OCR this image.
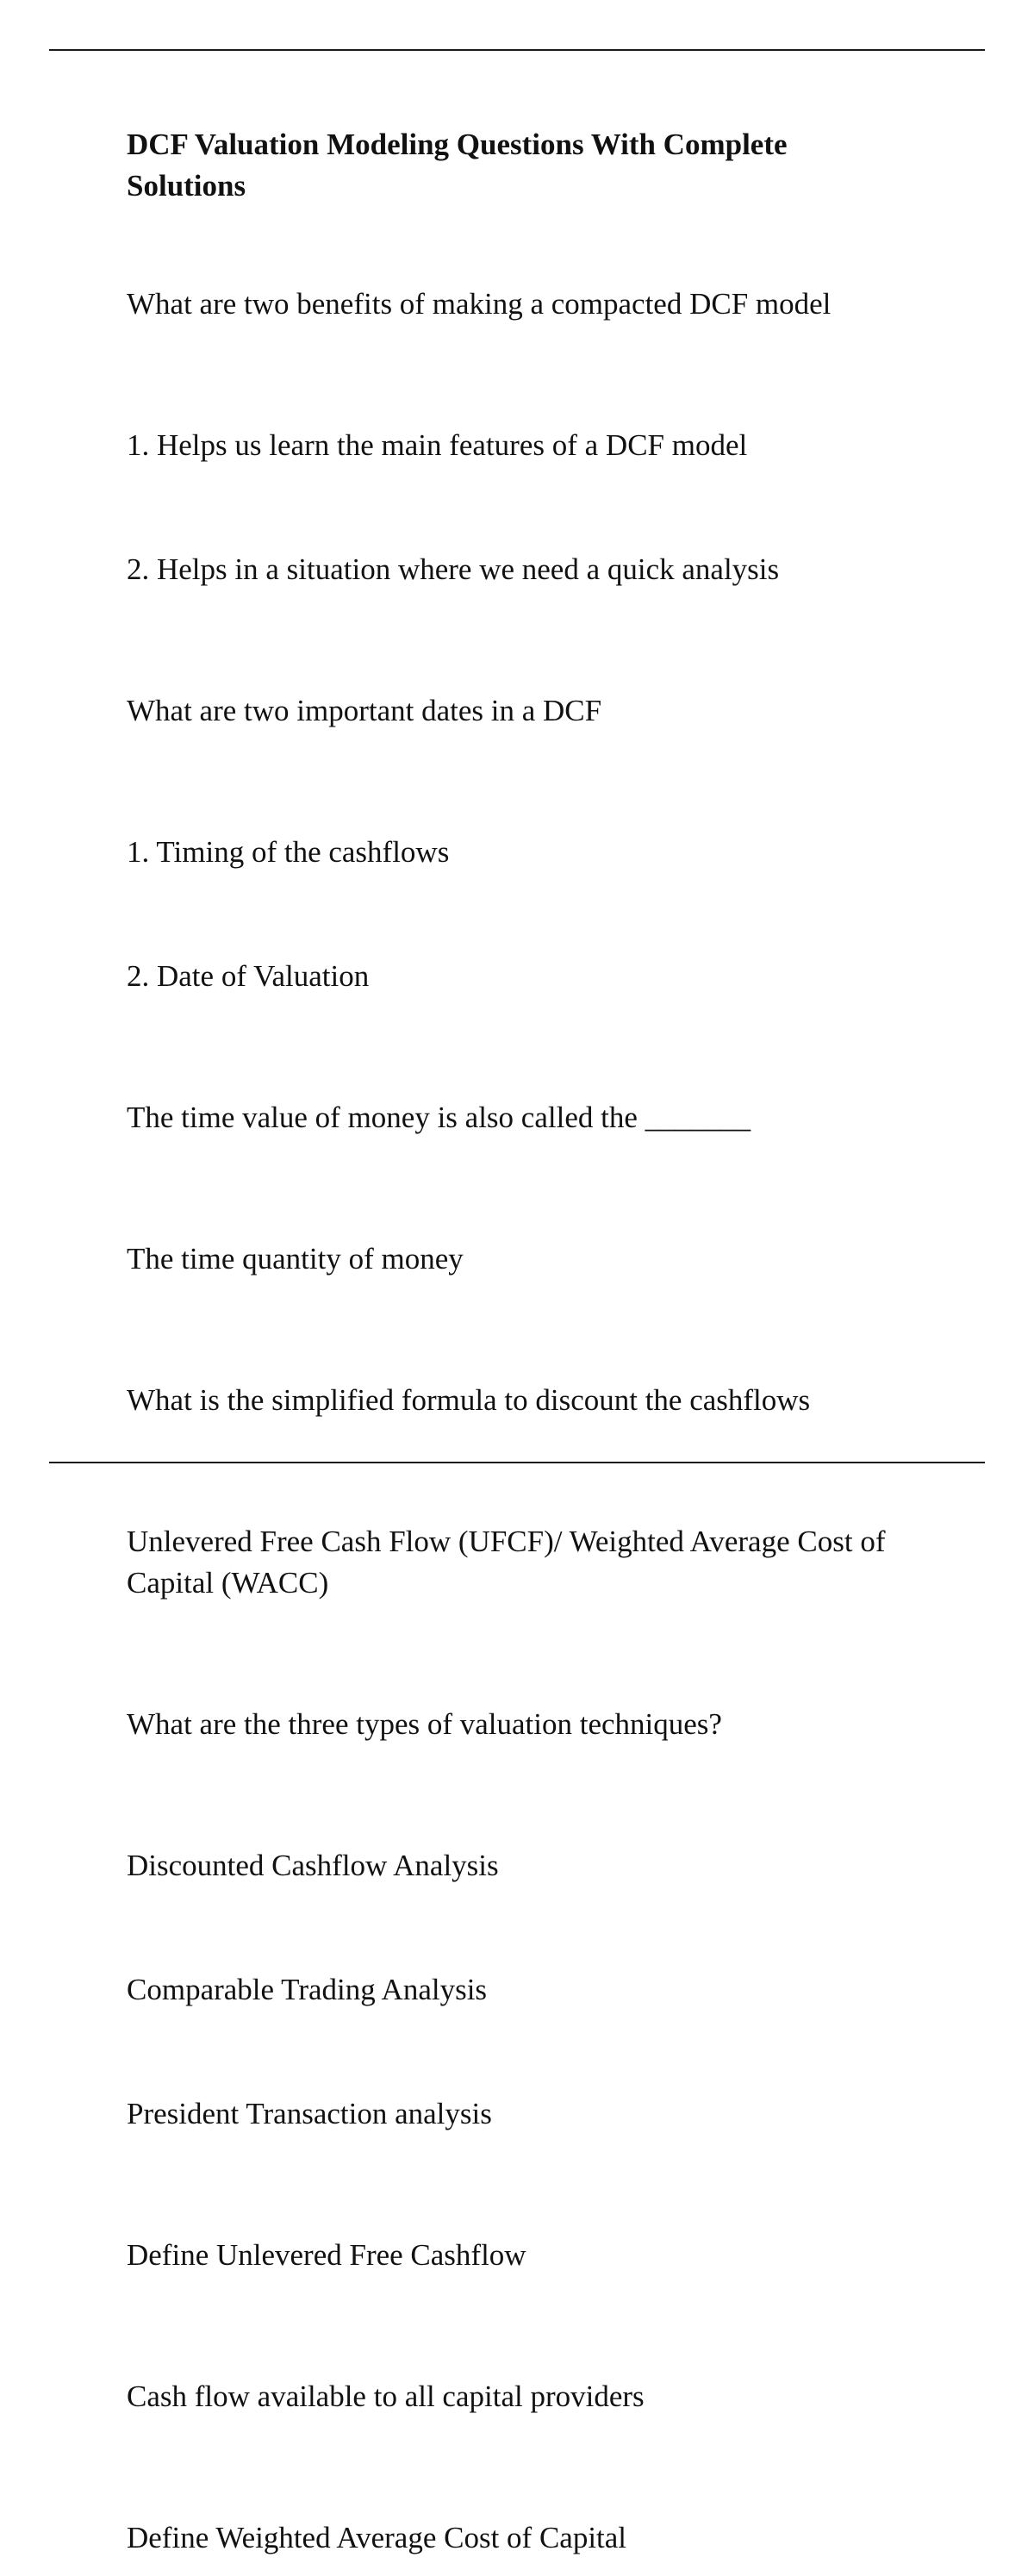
DCF Valuation Modeling Questions With Complete Solutions
What are two benefits of making a compacted DCF model

1. Helps us learn the main features of a DCF model

2. Helps in a situation where we need a quick analysis

What are two important dates in a DCF

1. Timing of the cashflows

2. Date of Valuation

The time value of money is also called the _______

The time quantity of money

What is the simplified formula to discount the cashflows

Unlevered Free Cash Flow (UFCF)/ Weighted Average Cost of Capital (WACC)

What are the three types of valuation techniques?

Discounted Cashflow Analysis

Comparable Trading Analysis

President Transaction analysis

Define Unlevered Free Cashflow

Cash flow available to all capital providers

Define Weighted Average Cost of Capital
